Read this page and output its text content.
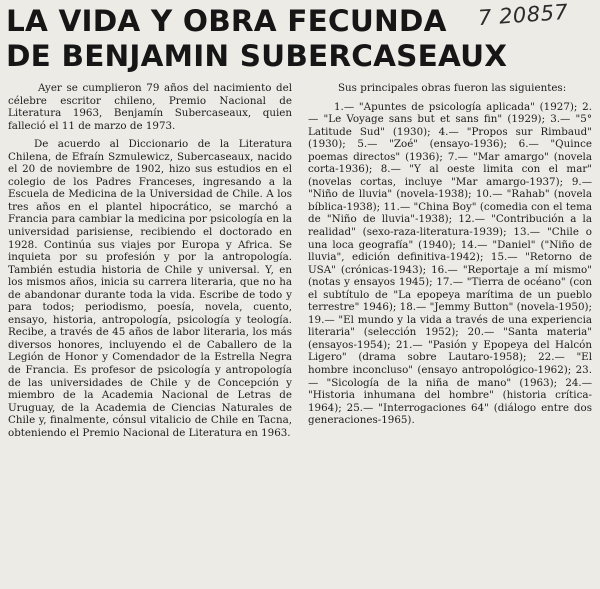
LA VIDA Y OBRA FECUNDA
DE BENJAMIN SUBERCASEAUX
7 20857

Ayer se cumplieron 79 años del nacimiento del célebre escritor chileno, Premio Nacional de Literatura 1963, Benjamín Subercaseaux, quien falleció el 11 de marzo de 1973.

De acuerdo al Diccionario de la Literatura Chilena, de Efraín Szmulewicz, Subercaseaux, nacido el 20 de noviembre de 1902, hizo sus estudios en el colegio de los Padres Franceses, ingresando a la Escuela de Medicina de la Universidad de Chile. A los tres años en el plantel hipocrático, se marchó a Francia para cambiar la medicina por psicología en la universidad parisiense, recibiendo el doctorado en 1928. Continúa sus viajes por Europa y Africa. Se inquieta por su profesión y por la antropología. También estudia historia de Chile y universal. Y, en los mismos años, inicia su carrera literaria, que no ha de abandonar durante toda la vida. Escribe de todo y para todos; periodismo, poesía, novela, cuento, ensayo, historia, antropología, psicología y teología. Recibe, a través de 45 años de labor literaria, los más diversos honores, incluyendo el de Caballero de la Legión de Honor y Comendador de la Estrella Negra de Francia. Es profesor de psicología y antropología de las universidades de Chile y de Concepción y miembro de la Academia Nacional de Letras de Uruguay, de la Academia de Ciencias Naturales de Chile y, finalmente, cónsul vitalicio de Chile en Tacna, obteniendo el Premio Nacional de Literatura en 1963.

Sus principales obras fueron las siguientes:

1.— "Apuntes de psicología aplicada" (1927); 2.— "Le Voyage sans but et sans fin" (1929); 3.— "5° Latitude Sud" (1930); 4.— "Propos sur Rimbaud" (1930); 5.— "Zoé" (ensayo-1936); 6.— "Quince poemas directos" (1936); 7.— "Mar amargo" (novela corta-1936); 8.— "Y al oeste limita con el mar" (novelas cortas, incluye "Mar amargo-1937); 9.— "Niño de lluvia" (novela-1938); 10.— "Rahab" (novela bíblica-1938); 11.— "China Boy" (comedia con el tema de "Niño de lluvia"-1938); 12.— "Contribución a la realidad" (sexo-raza-literatura-1939); 13.— "Chile o una loca geografía" (1940); 14.— "Daniel" ("Niño de lluvia", edición definitiva-1942); 15.— "Retorno de USA" (crónicas-1943); 16.— "Reportaje a mí mismo" (notas y ensayos 1945); 17.— "Tierra de océano" (con el subtítulo de "La epopeya marítima de un pueblo terrestre" 1946); 18.— "Jemmy Button" (novela-1950); 19.— "El mundo y la vida a través de una experiencia literaria" (selección 1952); 20.— "Santa materia" (ensayos-1954); 21.— "Pasión y Epopeya del Halcón Ligero" (drama sobre Lautaro-1958); 22.— "El hombre inconcluso" (ensayo antropológico-1962); 23.— "Sicología de la niña de mano" (1963); 24.— "Historia inhumana del hombre" (historia crítica-1964); 25.— "Interrogaciones 64" (diálogo entre dos generaciones-1965).
